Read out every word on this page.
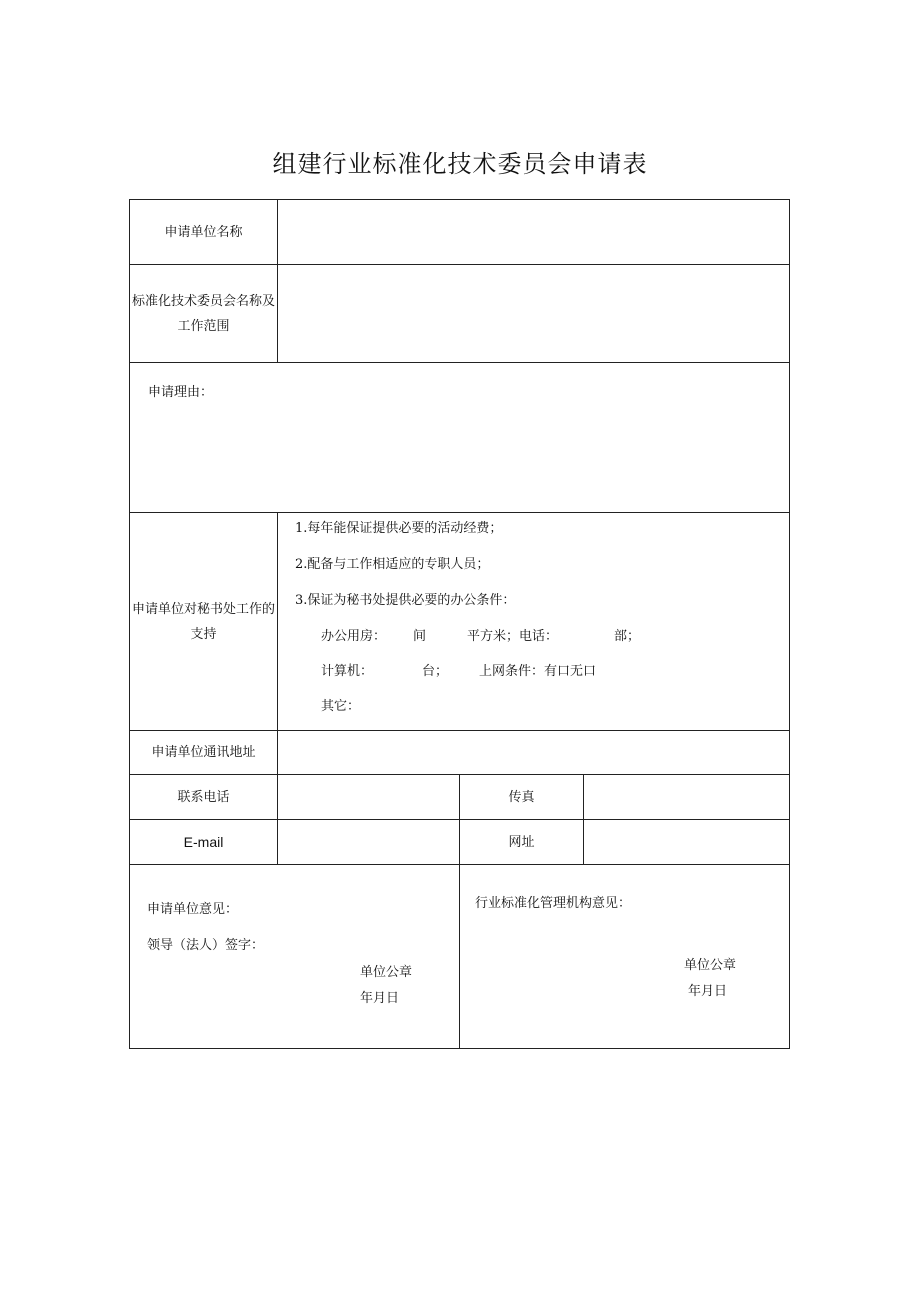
组建行业标准化技术委员会申请表
申请单位名称
标准化技术委员会名称及
工作范围
申请理由：
申请单位对秘书处工作的
支持
1.每年能保证提供必要的活动经费；
2.配备与工作相适应的专职人员；
3.保证为秘书处提供必要的办公条件：
办公用房： 间	平方米；电话：	部；
计算机：	台； 上网条件：有口无口
其它：
申请单位通讯地址
联系电话	传真
E-mail	网址
申请单位意见：
领导（法人）签字：
单位公章
年月日
行业标准化管理机构意见：
单位公章
年月日
